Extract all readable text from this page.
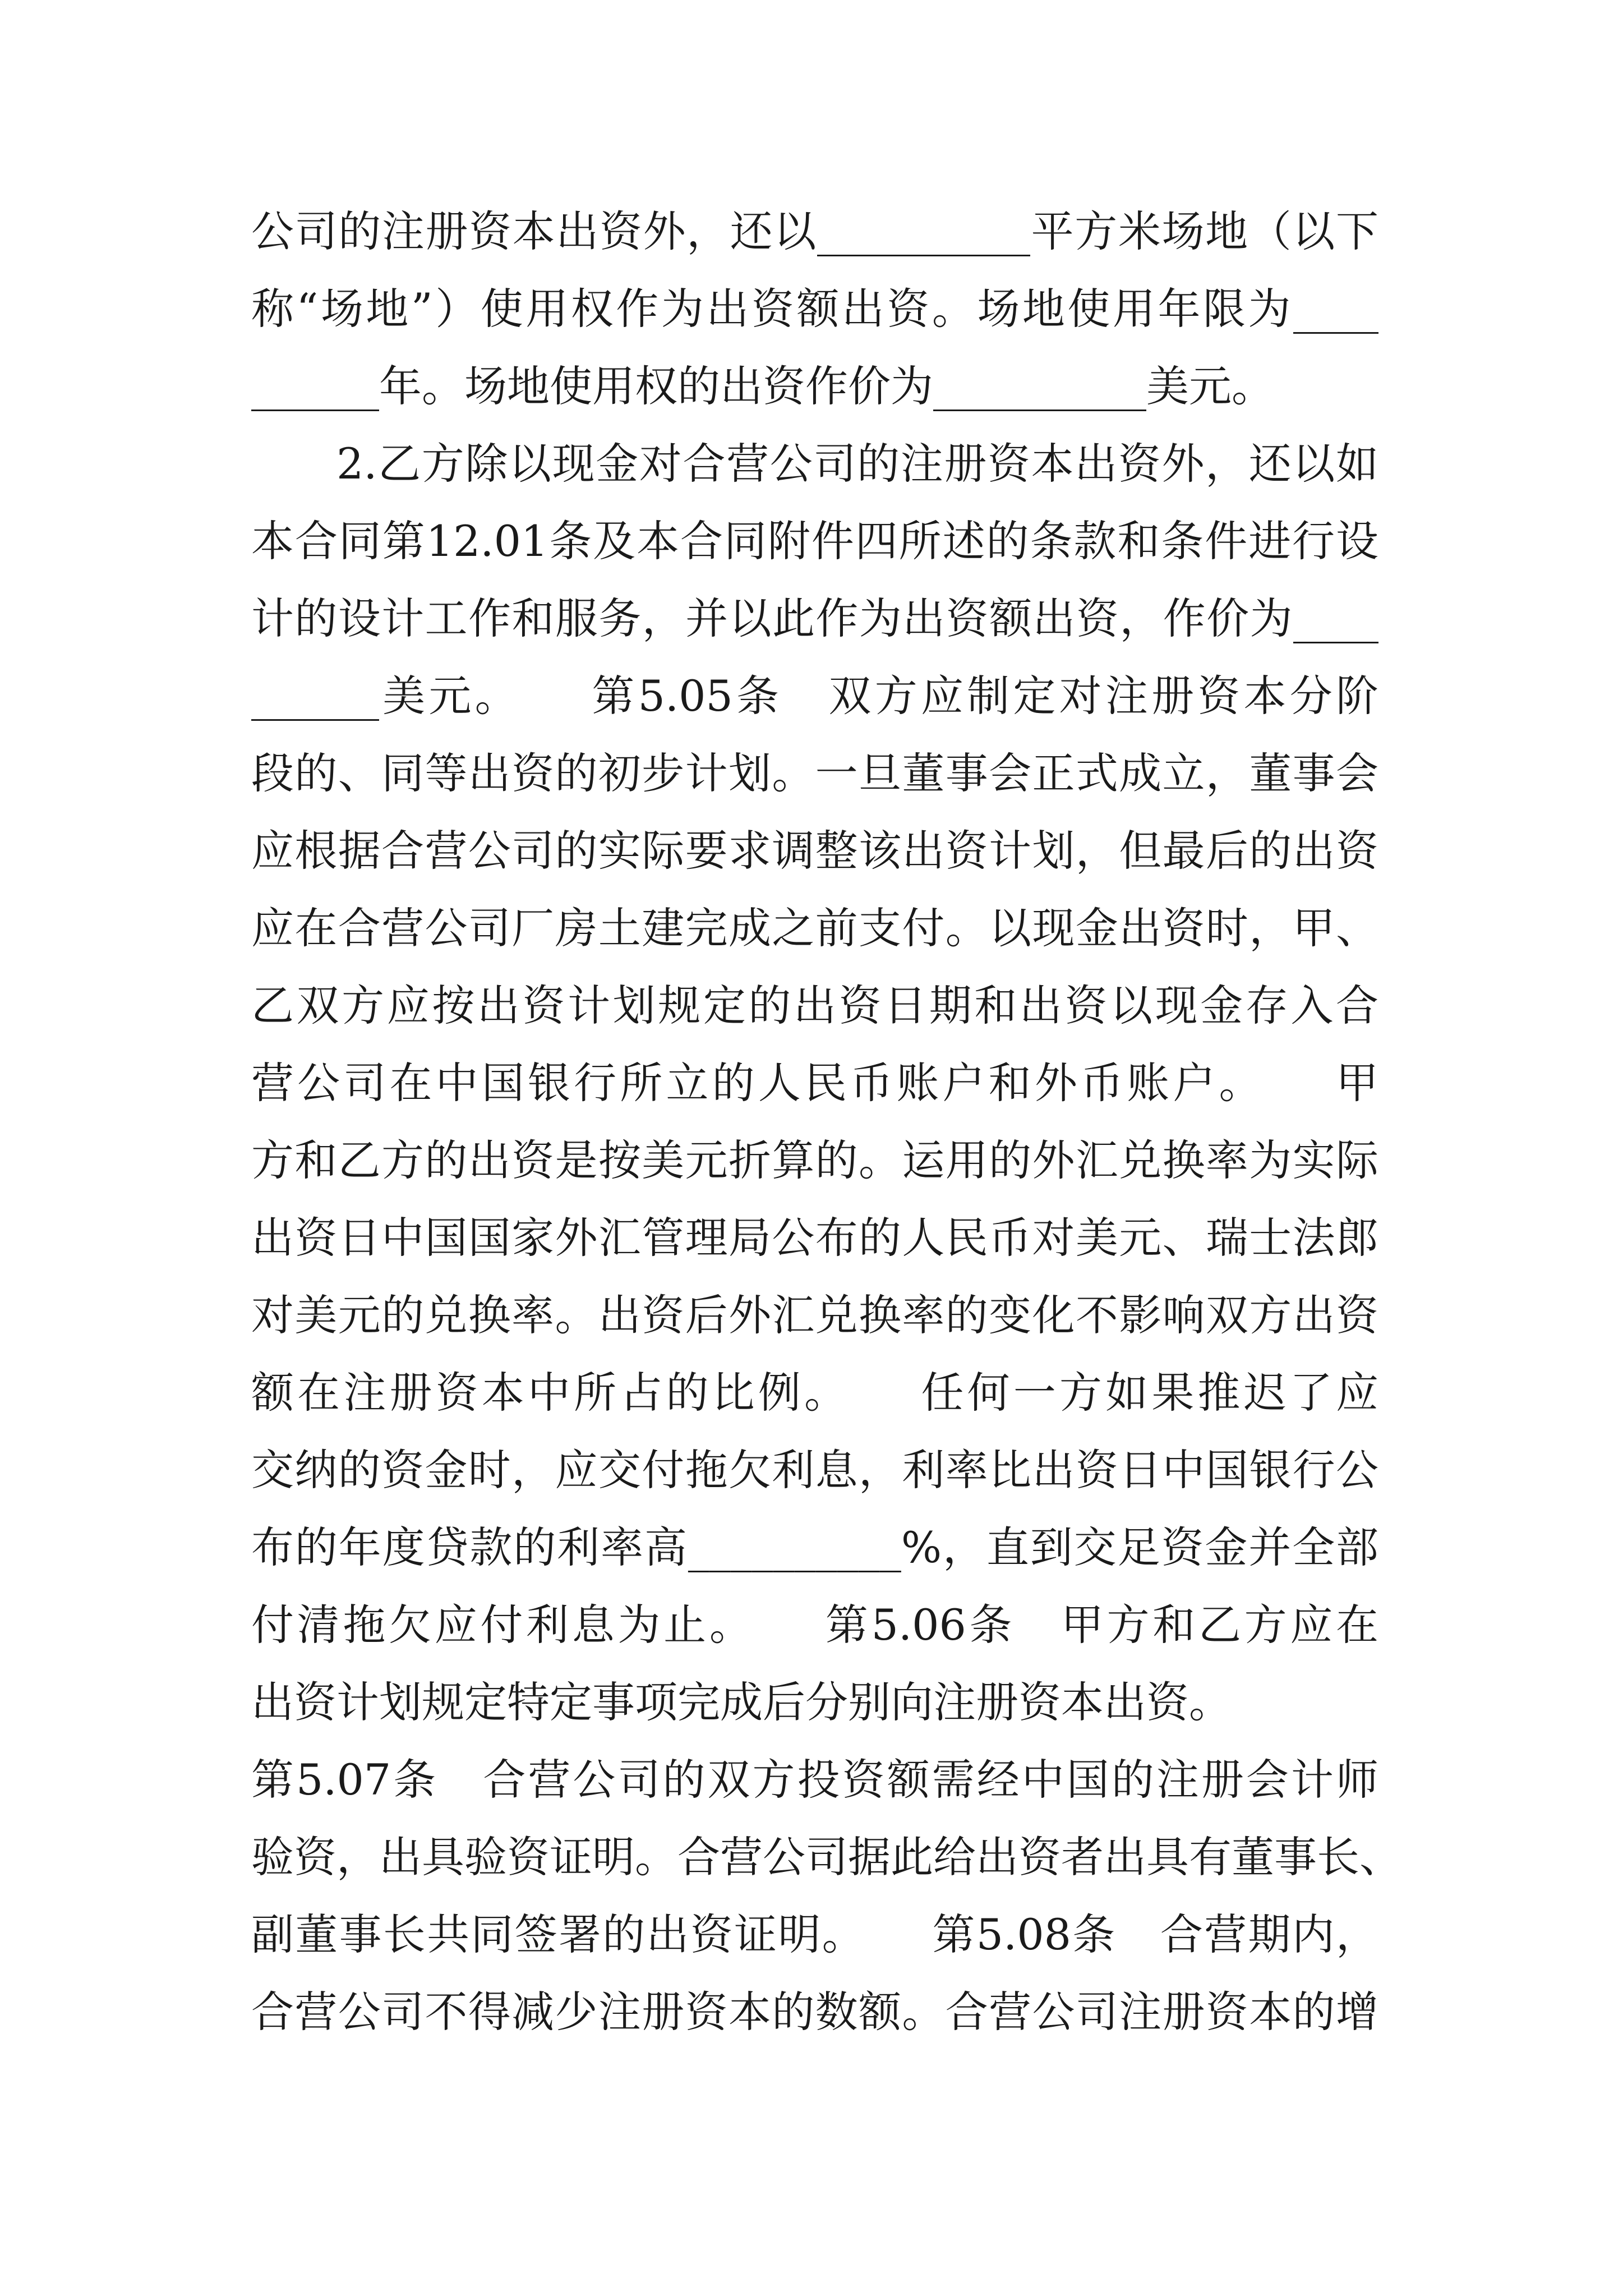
公司的注册资本出资外，还以__________平方米场地（以下
称“场地”）使用权作为出资额出资。场地使用年限为____
______年。场地使用权的出资作价为__________美元。
2.乙方除以现金对合营公司的注册资本出资外，还以如
本合同第12.01条及本合同附件四所述的条款和条件进行设
计的设计工作和服务，并以此作为出资额出资，作价为____
______美元。　　第5.05条　双方应制定对注册资本分阶
段的、同等出资的初步计划。一旦董事会正式成立，董事会
应根据合营公司的实际要求调整该出资计划，但最后的出资
应在合营公司厂房土建完成之前支付。以现金出资时，甲、
乙双方应按出资计划规定的出资日期和出资以现金存入合
营公司在中国银行所立的人民币账户和外币账户。　　甲
方和乙方的出资是按美元折算的。运用的外汇兑换率为实际
出资日中国国家外汇管理局公布的人民币对美元、瑞士法郎
对美元的兑换率。出资后外汇兑换率的变化不影响双方出资
额在注册资本中所占的比例。　　任何一方如果推迟了应
交纳的资金时，应交付拖欠利息，利率比出资日中国银行公
布的年度贷款的利率高__________%，直到交足资金并全部
付清拖欠应付利息为止。　　第5.06条　甲方和乙方应在
出资计划规定特定事项完成后分别向注册资本出资。
第5.07条　合营公司的双方投资额需经中国的注册会计师
验资，出具验资证明。合营公司据此给出资者出具有董事长、
副董事长共同签署的出资证明。　　第5.08条　合营期内，
合营公司不得减少注册资本的数额。合营公司注册资本的增
